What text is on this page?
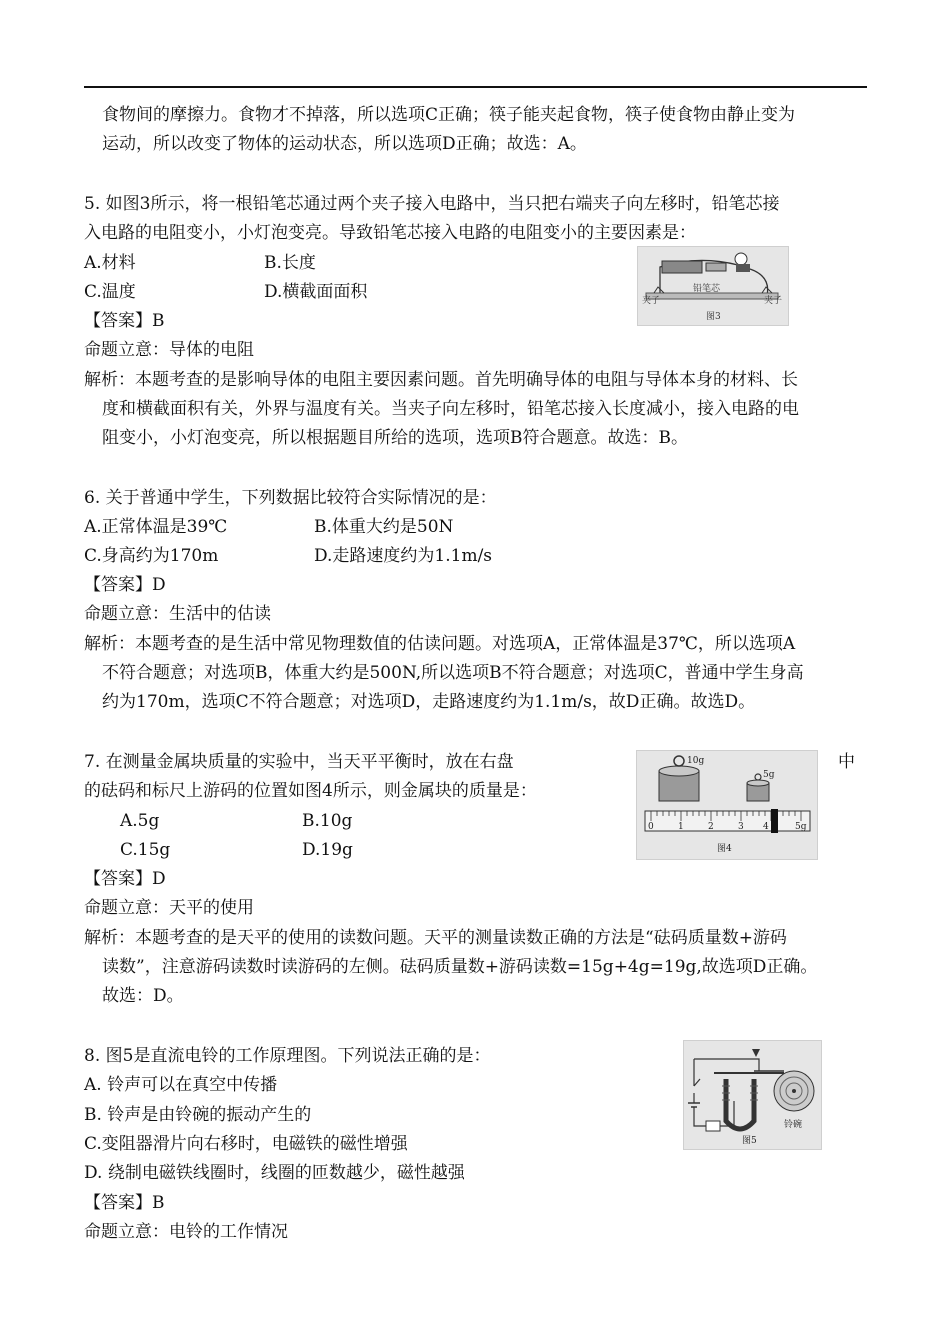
食物间的摩擦力。食物才不掉落，所以选项C正确；筷子能夹起食物，筷子使食物由静止变为
运动，所以改变了物体的运动状态，所以选项D正确；故选：A。
5. 如图3所示，将一根铅笔芯通过两个夹子接入电路中，当只把右端夹子向左移时，铅笔芯接
入电路的电阻变小，小灯泡变亮。导致铅笔芯接入电路的电阻变小的主要因素是：
A.材料	B.长度
C.温度	D.横截面面积
【答案】B
命题立意：导体的电阻
解析：本题考查的是影响导体的电阻主要因素问题。首先明确导体的电阻与导体本身的材料、长
度和横截面积有关，外界与温度有关。当夹子向左移时，铅笔芯接入长度减小，接入电路的电
阻变小，小灯泡变亮，所以根据题目所给的选项，选项B符合题意。故选：B。
夹子
铅笔芯
夹子
图3
6. 关于普通中学生，下列数据比较符合实际情况的是：
A.正常体温是39℃	B.体重大约是50N
C.身高约为170m	D.走路速度约为1.1m/s
【答案】D
命题立意：生活中的估读
解析：本题考查的是生活中常见物理数值的估读问题。对选项A，正常体温是37℃，所以选项A
不符合题意；对选项B，体重大约是500N,所以选项B不符合题意；对选项C，普通中学生身高
约为170m，选项C不符合题意；对选项D，走路速度约为1.1m/s，故D正确。故选D。
7. 在测量金属块质量的实验中，当天平平衡时，放在右盘	中
的砝码和标尺上游码的位置如图4所示，则金属块的质量是：
A.5g	B.10g
C.15g	D.19g
【答案】D
命题立意：天平的使用
解析：本题考查的是天平的使用的读数问题。天平的测量读数正确的方法是“砝码质量数+游码
读数”，注意游码读数时读游码的左侧。砝码质量数+游码读数=15g+4g=19g,故选项D正确。
故选：D。
10g
5g
0	1	2	3 4	5g
图4
8. 图5是直流电铃的工作原理图。下列说法正确的是：
A. 铃声可以在真空中传播
B. 铃声是由铃碗的振动产生的
C.变阻器滑片向右移时，电磁铁的磁性增强
D. 绕制电磁铁线圈时，线圈的匝数越少，磁性越强
【答案】B
命题立意：电铃的工作情况
铃碗
图5
